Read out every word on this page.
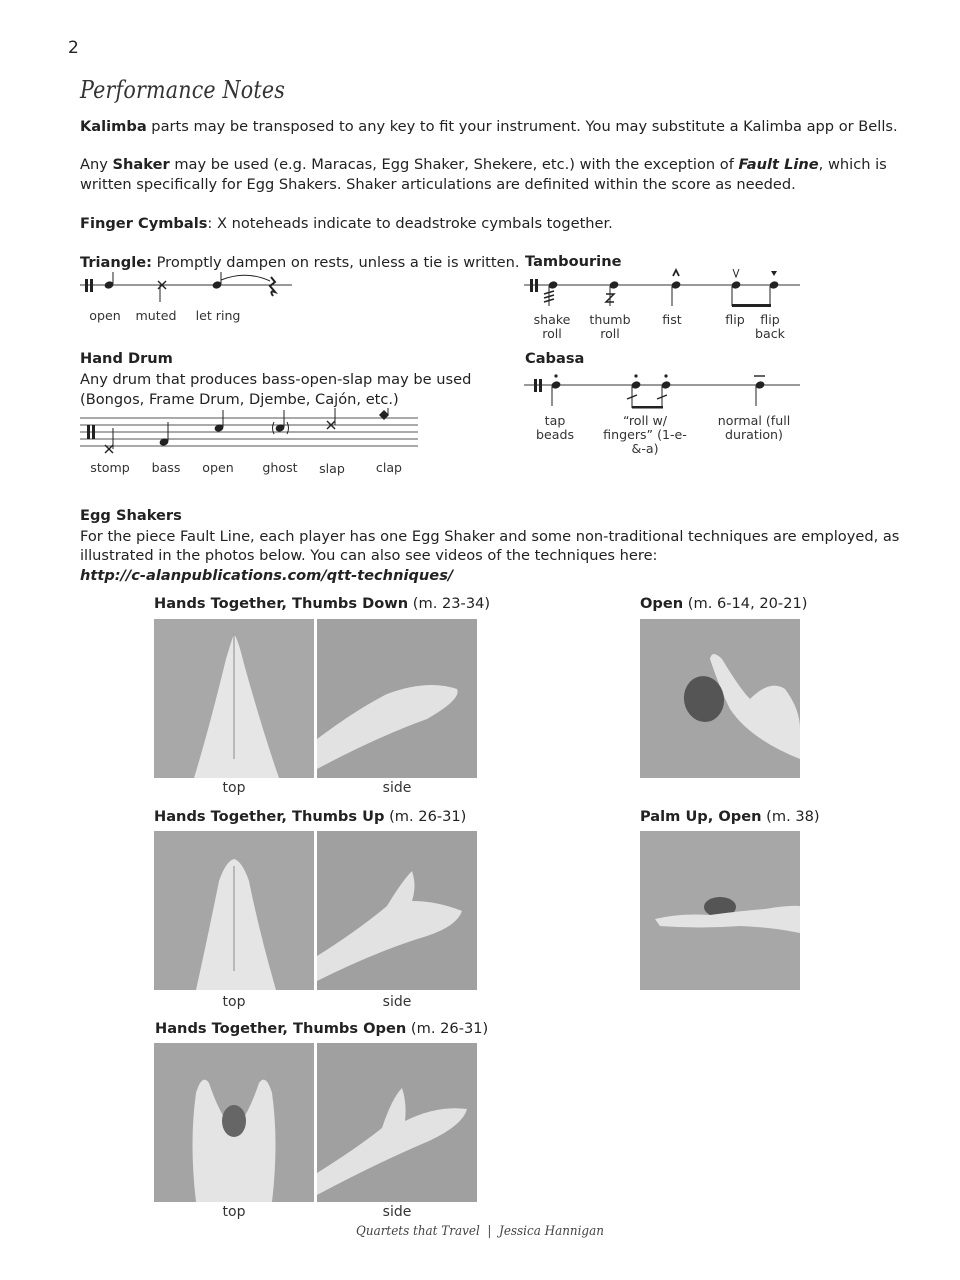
2
Performance Notes
Kalimba parts may be transposed to any key to fit your instrument. You may substitute a Kalimba app or Bells.
Any Shaker may be used (e.g. Maracas, Egg Shaker, Shekere, etc.) with the exception of Fault Line, which is written specifically for Egg Shakers. Shaker articulations are definited within the score as needed.
Finger Cymbals: X noteheads indicate to deadstroke cymbals together.
Triangle: Promptly dampen on rests, unless a tie is written.
open muted let ring
Tambourine
shake roll
thumb roll
fist	flip	flip back
Hand Drum
Any drum that produces bass-open-slap may be used
(Bongos, Frame Drum, Djembe, Cajón, etc.)
stomp	bass	open	ghost	slap	clap
Cabasa
tap beads
“roll w/ fingers” (1-e-&-a)
normal (full duration)
Egg Shakers
For the piece Fault Line, each player has one Egg Shaker and some non-traditional techniques are employed, as
illustrated in the photos below. You can also see videos of the techniques here:
http://c-alanpublications.com/qtt-techniques/
Hands Together, Thumbs Down (m. 23-34)
top	side
Open (m. 6-14, 20-21)
Hands Together, Thumbs Up (m. 26-31)
top	side
Palm Up, Open (m. 38)
Hands Together, Thumbs Open (m. 26-31)
top	side
Quartets that Travel | Jessica Hannigan
